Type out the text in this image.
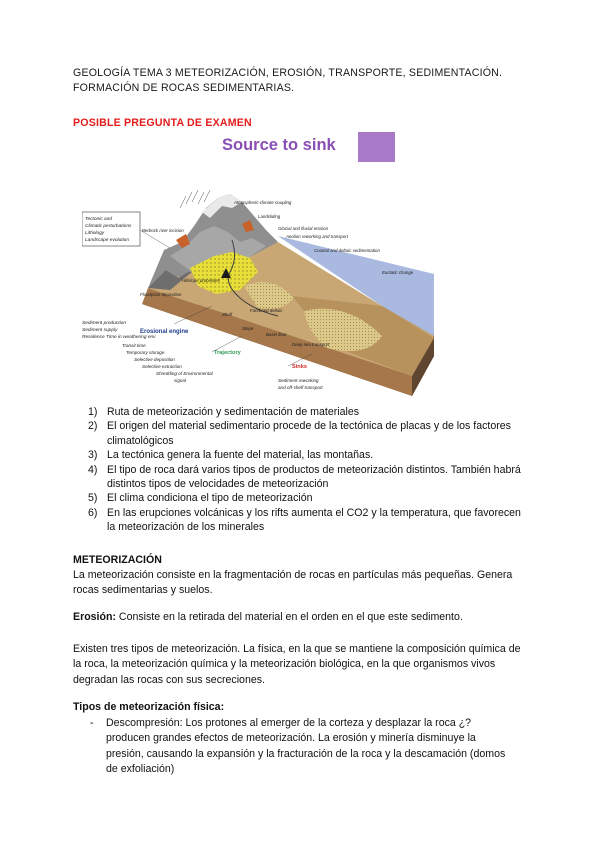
GEOLOGÍA TEMA 3 METEORIZACIÓN, EROSIÓN, TRANSPORTE, SEDIMENTACIÓN.
FORMACIÓN DE ROCAS SEDIMENTARIAS.
POSIBLE PREGUNTA DE EXAMEN
Source to sink
Tectonic and
Climatic perturbations
Lithology
Landscape evolution
Atmospheric-climate coupling
Landsliding
Bedrock river incision	Glacial and fluvial erosion
Aeolian reworking and transport
Coastal and deltaic sedimentation
Eustatic change
Hillslope processes
Floodplain deposition
Fan/braid deltaic
Shelf
Slope
Basin floor
Deep sea transport
Sediment production
Sediment supply
Residence Time in weathering env
Erosional engine
Trajectory
Sinks
Transit time
Temporary storage
Selective deposition
Selective extraction
Shredding of Environmental
signal	Sediment reworking
and off-shelf transport
1) Ruta de meteorización y sedimentación de materiales
2) El origen del material sedimentario procede de la tectónica de placas y de los factores climatológicos
3) La tectónica genera la fuente del material, las montañas.
4) El tipo de roca dará varios tipos de productos de meteorización distintos. También habrá distintos tipos de velocidades de meteorización
5) El clima condiciona el tipo de meteorización
6) En las erupciones volcánicas y los rifts aumenta el CO2 y la temperatura, que favorecen la meteorización de los minerales
METEORIZACIÓN
La meteorización consiste en la fragmentación de rocas en partículas más pequeñas. Genera rocas sedimentarias y suelos.
Erosión: Consiste en la retirada del material en el orden en el que este sedimento.
Existen tres tipos de meteorización. La física, en la que se mantiene la composición química de la roca, la meteorización química y la meteorización biológica, en la que organismos vivos degradan las rocas con sus secreciones.
Tipos de meteorización física:
- Descompresión: Los protones al emerger de la corteza y desplazar la roca ¿? producen grandes efectos de meteorización. La erosión y minería disminuye la presión, causando la expansión y la fracturación de la roca y la descamación (domos de exfoliación)
